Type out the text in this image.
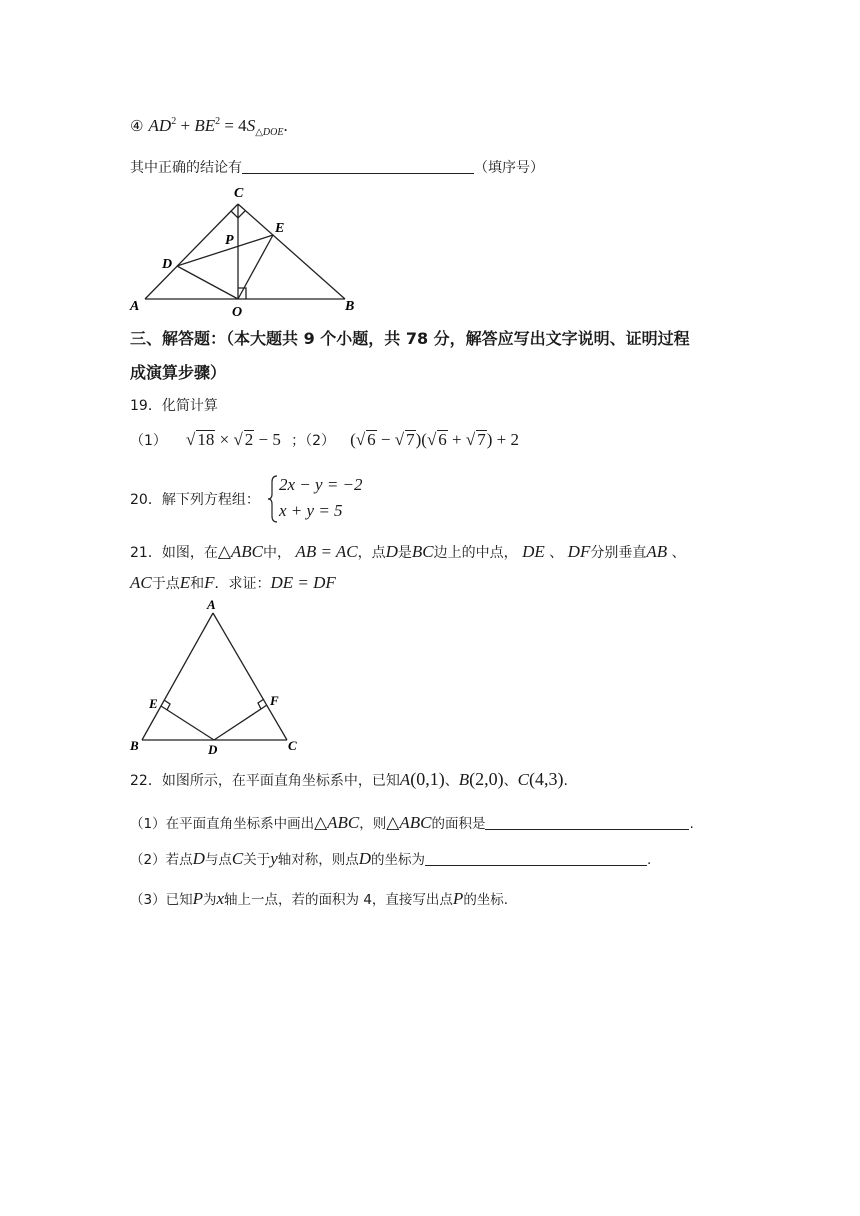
④ $AD^2 + BE^2 = 4S_{\triangle DOE}$.
其中正确的结论有	（填序号）
C
E
P
D
A	O	B
三、解答题：（本大题共 9 个小题，共 78 分，解答应写出文字说明、证明过程
成演算步骤）
19．化简计算
（1） √ 18 × √ 2 − 5 ；（2） (√ 6 − √ 7)(√ 6 + √ 7) + 2
20．解下列方程组：
2x − y = −2
x + y = 5
21．如图，在△ABC中， AB = AC，点D是BC边上的中点， DE 、 DF分别垂直AB 、
AC于点E和F．求证：DE = DF
A
E	F
B	D	C
22．如图所示，在平面直角坐标系中，已知A(0,1)、B(2,0)、C(4,3).
（1）在平面直角坐标系中画出△ABC，则△ABC的面积是	.
（2）若点D与点C关于y轴对称，则点D的坐标为	.
（3）已知P为x轴上一点，若的面积为 4，直接写出点P的坐标.
